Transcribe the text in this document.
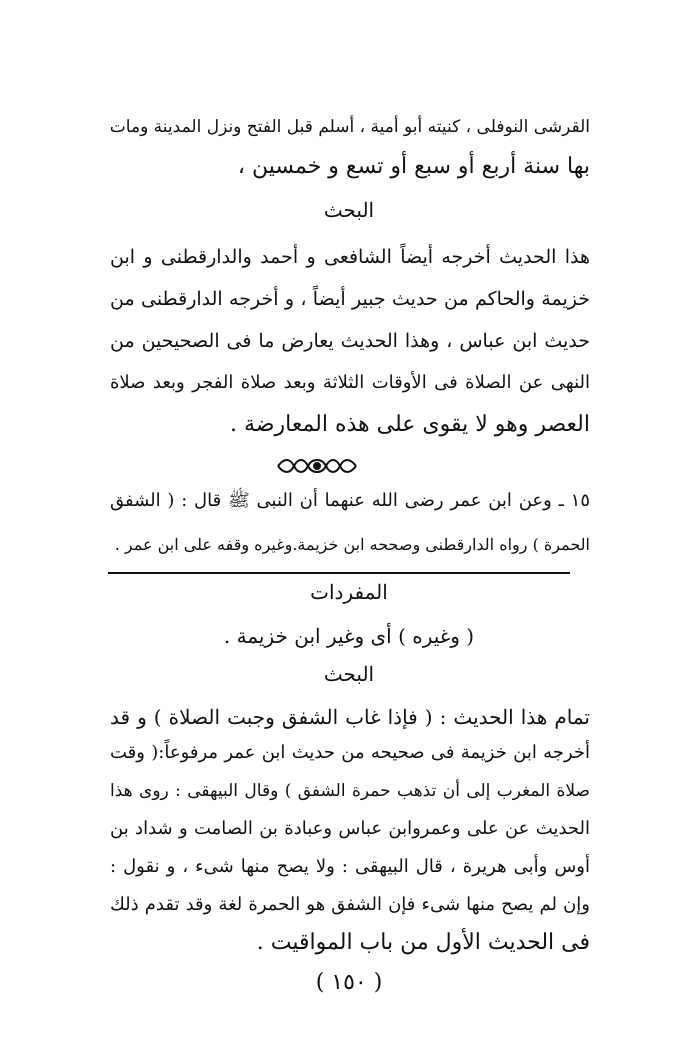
القرشى النوفلى ، كنيته أبو أمية ، أسلم قبل الفتح ونزل المدينة ومات
بها سنة أربع أو سبع أو تسع و خمسين ،
البحث
هذا الحديث أخرجه أيضاً الشافعى و أحمد والدارقطنى و ابن
خزيمة والحاكم من حديث جبير أيضاً ، و أخرجه الدارقطنى من
حديث ابن عباس ، وهذا الحديث يعارض ما فى الصحيحين من
النهى عن الصلاة فى الأوقات الثلاثة وبعد صلاة الفجر وبعد صلاة
العصر وهو لا يقوى على هذه المعارضة .
١٥ ـ وعن ابن عمر رضى الله عنهما أن النبى ﷺ قال : ( الشفق
الحمرة ) رواه الدارقطنى وصححه ابن خزيمة.وغيره وقفه على ابن عمر .
المفردات
( وغيره ) أى وغير ابن خزيمة .
البحث
تمام هذا الحديث : ( فإذا غاب الشفق وجبت الصلاة ) و قد
أخرجه ابن خزيمة فى صحيحه من حديث ابن عمر مرفوعاً:( وقت
صلاة المغرب إلى أن تذهب حمرة الشفق ) وقال البيهقى : روى هذا
الحديث عن على وعمروابن عباس وعبادة بن الصامت و شداد بن
أوس وأبى هريرة ، قال البيهقى : ولا يصح منها شىء ، و نقول :
وإن لم يصح منها شىء فإن الشفق هو الحمرة لغة وقد تقدم ذلك
فى الحديث الأول من باب المواقيت .
( ١٥٠ )
